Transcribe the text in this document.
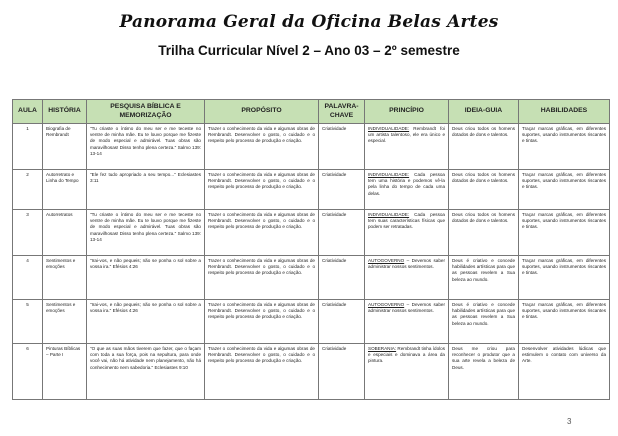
Panorama Geral da Oficina Belas Artes
Trilha Curricular Nível 2 – Ano 03 – 2º semestre
AULA	HISTÓRIA	PESQUISA BÍBLICA E MEMORIZAÇÃO	PROPÓSITO	PALAVRA-CHAVE	PRINCÍPIO	IDEIA-GUIA	HABILIDADES
1	Biografia de Rembrandt	"Tu criaste o íntimo do meu ser e me teceste no ventre de minha mãe. Eu te louvo porque me fizeste de modo especial e admirável. Tuas obras são maravilhosas! Disso tenho plena certeza." Salmo 139: 13-14	Trazer o conhecimento da vida e algumas obras de Rembrandt. Desenvolver o gosto, o cuidado e o respeito pelo processo de produção e criação.	Criatividade	INDIVIDUALIDADE: Rembrandt foi um artista talentoso, ele era único e especial.	Deus criou todos os homens dotados de dons e talentos.	Traçar marcas gráficas, em diferentes suportes, usando instrumentos riscantes e tintas.
2	Autorretrato e Linha do Tempo	"Ele fez tudo apropriado a seu tempo..." Eclesiastes 3:11	Trazer o conhecimento da vida e algumas obras de Rembrandt. Desenvolver o gosto, o cuidado e o respeito pelo processo de produção e criação.	Criatividade	INDIVIDUALIDADE: Cada pessoa tem uma história e podemos vê-la pela linha do tempo de cada uma delas.	Deus criou todos os homens dotados de dons e talentos.	Traçar marcas gráficas, em diferentes suportes, usando instrumentos riscantes e tintas.
3	Autorretratos	"Tu criaste o íntimo do meu ser e me teceste no ventre de minha mãe. Eu te louvo porque me fizeste de modo especial e admirável. Tuas obras são maravilhosas! Disso tenho plena certeza." Salmo 139: 13-14	Trazer o conhecimento da vida e algumas obras de Rembrandt. Desenvolver o gosto, o cuidado e o respeito pelo processo de produção e criação.	Criatividade	INDIVIDUALIDADE: Cada pessoa tem suas características físicas que podem ser retratadas.	Deus criou todos os homens dotados de dons e talentos.	Traçar marcas gráficas, em diferentes suportes, usando instrumentos riscantes e tintas.
4	Sentimentos e emoções	"Irai-vos, e não pequeis; não se ponha o sol sobre a vossa ira." Efésios 4:26	Trazer o conhecimento da vida e algumas obras de Rembrandt. Desenvolver o gosto, o cuidado e o respeito pelo processo de produção e criação.	Criatividade	AUTOGOVERNO – Devemos saber administrar nossos sentimentos.	Deus é criativo e concede habilidades artísticas para que as pessoas revelem a Sua beleza ao mundo.	Traçar marcas gráficas, em diferentes suportes, usando instrumentos riscantes e tintas.
5	Sentimentos e emoções	"Irai-vos, e não pequeis; não se ponha o sol sobre a vossa ira." Efésios 4:26	Trazer o conhecimento da vida e algumas obras de Rembrandt. Desenvolver o gosto, o cuidado e o respeito pelo processo de produção e criação.	Criatividade	AUTOGOVERNO – Devemos saber administrar nossos sentimentos.	Deus é criativo e concede habilidades artísticas para que as pessoas revelem a Sua beleza ao mundo.	Traçar marcas gráficas, em diferentes suportes, usando instrumentos riscantes e tintas.
6	Pinturas Bíblicas – Parte I	"O que as suas mãos tiverem que fazer, que o façam com toda a sua força, pois na sepultura, para onde você vai, não há atividade nem planejamento, não há conhecimento nem sabedoria." Eclesiastes 9:10	Trazer o conhecimento da vida e algumas obras de Rembrandt. Desenvolver o gosto, o cuidado e o respeito pelo processo de produção e criação.	Criatividade	SOBERANIA: Rembrandt tinha ídolos e especiais e dominava a área da pintura.	Deus me criou para reconhecer o produtor que a sua arte revela a beleza de Deus.	Desenvolver atividades lúdicas que estimulem o contato com universo da Arte.
3
